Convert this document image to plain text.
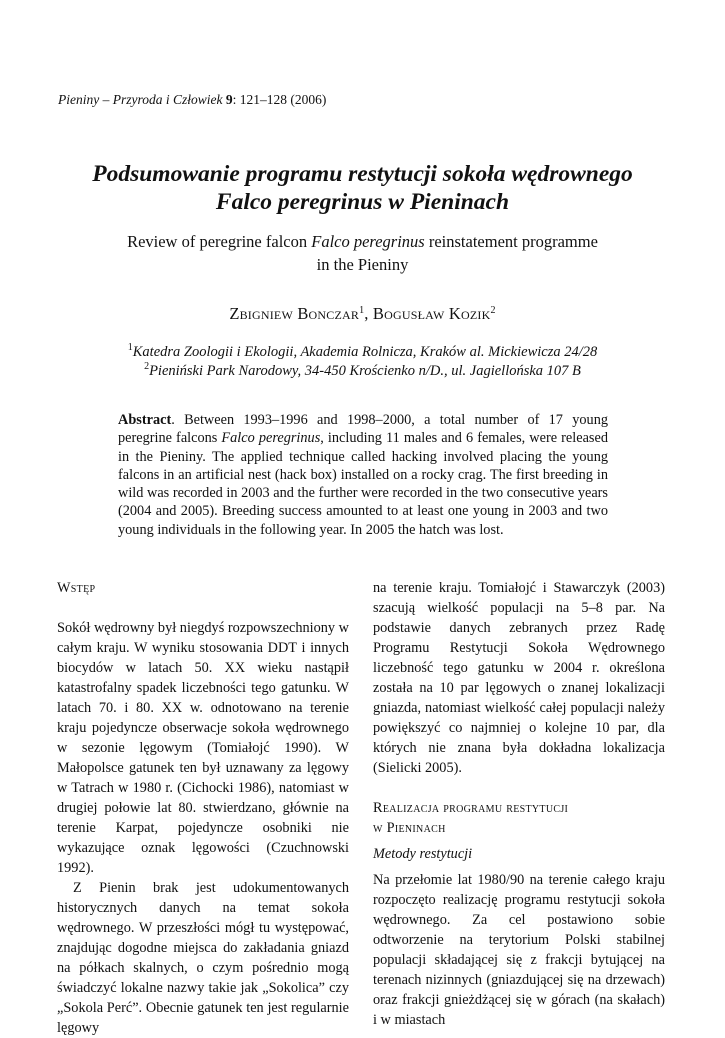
Pieniny – Przyroda i Człowiek 9: 121–128 (2006)
Podsumowanie programu restytucji sokoła wędrownego
Falco peregrinus w Pieninach

Review of peregrine falcon Falco peregrinus reinstatement programme
in the Pieniny

Zbigniew Bonczar$^1$, Bogusław Kozik$^2$
$^1$Katedra Zoologii i Ekologii, Akademia Rolnicza, Kraków al. Mickiewicza 24/28
$^2$Pieniński Park Narodowy, 34-450 Krościenko n/D., ul. Jagiellońska 107 B

Abstract. Between 1993–1996 and 1998–2000, a total number of 17 young peregrine falcons Falco peregrinus, including 11 males and 6 females, were released in the Pieniny. The applied technique called hacking involved placing the young falcons in an artificial nest (hack box) installed on a rocky crag. The first breeding in wild was recorded in 2003 and the further were recorded in the two consecutive years (2004 and 2005). Breeding success amounted to at least one young in 2003 and two young individuals in the following year. In 2005 the hatch was lost.

Wstęp

Sokół wędrowny był niegdyś rozpowszechniony w całym kraju. W wyniku stosowania DDT i innych biocydów w latach 50. XX wieku nastąpił katastrofalny spadek liczebności tego gatunku. W latach 70. i 80. XX w. odnotowano na terenie kraju pojedyncze obserwacje sokoła wędrownego w sezonie lęgowym (Tomiałojć 1990). W Małopolsce gatunek ten był uznawany za lęgowy w Tatrach w 1980 r. (Cichocki 1986), natomiast w drugiej połowie lat 80. stwierdzano, głównie na terenie Karpat, pojedyncze osobniki nie wykazujące oznak lęgowości (Czuchnowski 1992).

Z Pienin brak jest udokumentowanych historycznych danych na temat sokoła wędrownego. W przeszłości mógł tu występować, znajdując dogodne miejsca do zakładania gniazd na półkach skalnych, o czym pośrednio mogą świadczyć lokalne nazwy takie jak „Sokolica” czy „Sokola Perć”. Obecnie gatunek ten jest regularnie lęgowy

na terenie kraju. Tomiałojć i Stawarczyk (2003) szacują wielkość populacji na 5–8 par. Na podstawie danych zebranych przez Radę Programu Restytucji Sokoła Wędrownego liczebność tego gatunku w 2004 r. określona została na 10 par lęgowych o znanej lokalizacji gniazda, natomiast wielkość całej populacji należy powiększyć co najmniej o kolejne 10 par, dla których nie znana była dokładna lokalizacja (Sielicki 2005).

Realizacja programu restytucji
w Pieninach
Metody restytucji

Na przełomie lat 1980/90 na terenie całego kraju rozpoczęto realizację programu restytucji sokoła wędrownego. Za cel postawiono sobie odtworzenie na terytorium Polski stabilnej populacji składającej się z frakcji bytującej na terenach nizinnych (gniazdującej się na drzewach) oraz frakcji gnieżdżącej się w górach (na skałach) i w miastach
